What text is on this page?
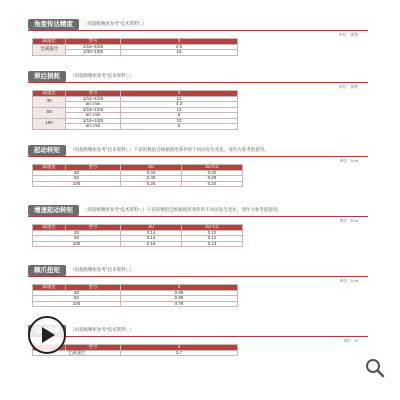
角度传达精度	（同超级精密参考“技术资料”。）
单位：弧秒
减速比	型号	3
全减速比	1/15~1/25	2.9
	1/30~1/50	15
滞后损耗	（同超级精密参考“技术资料”。）
单位：弧秒
减速比	型号	3
30	1/15~1/25	13
	arc min	4.3
50	1/15~1/25	12
	arc min	6
100	1/15~1/25	10
	arc min	6
起动转矩	（同超级精密参考“技术资料”。）下表的数值会根据使用条件的不同而发生变化，请作为参考值使用。
单位：N·m
减速比	型号	3U	3U-CC
30		0.34	0.32
50		0.30	0.28
100		0.26	0.24
增速起动转矩	（同超级精密参考“技术资料”。）下表的数值会根据使用条件的不同而发生变化，请作为参考值使用。
单位：N·m
减速比	型号	3U	3U-CC
30		0.14	0.12
50		0.14	0.11
100		0.16	0.13
棘爪扭矩	（同超级精密参考“技术资料”。）
单位：N·m
减速比	型号	3
30		0.86
50		0.85
100		0.76
（同超级精密参考“技术资料”。）
单位：%
	型号	3
全减速比		3.7
